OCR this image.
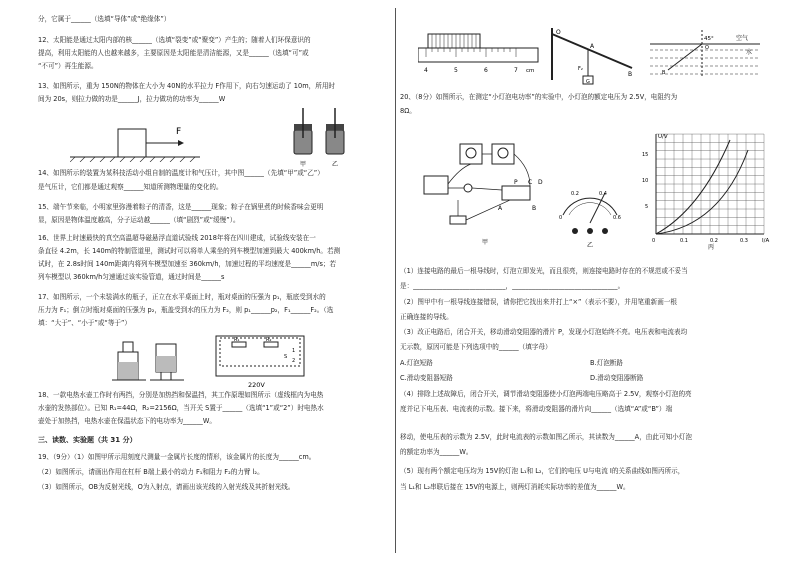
分，它属于______（选填“导体”或“绝缘体”）
12、太阳能是通过太阳内部的核______（选填“裂变”或“聚变”）产生的；随着人们环保意识的
提高，利用太阳能的人也越来越多，主要原因是太阳能是清洁能源，又是______（选填“可”或
“不可”）再生能源。
13、如图所示，重为 150N的物体在大小为 40N的水平拉力 F作用下，向右匀速运动了 10m，所用时
间为 20s，则拉力做的功是______J，拉力做功的功率为______W
14、如图所示的装置为某科技活动小组自制的温度计和气压计，其中图______（先填“甲”或“乙”）
是气压计，它们都是通过观察______知道所测物理量的变化的。
15、端午节来临，小明家里弥漫着粽子的清香，这是______现象；粽子在锅里煮的时候香味会更明
显，原因是物体温度越高，分子运动越______（填“剧烈”或“缓慢”）。
16、世界上时速最快的真空高温超导磁悬浮直道试验线 2018年将在四川建成，试验线安装在一
条直径 4.2m，长 140m的特制管道里，测试时可以将单人乘坐的列车模型加速到最大 400km/h。若测
试时，在 2.8s时间 140m距离内将列车模型加速至 360km/h，加速过程的平均速度是______m/s；若
列车模型以 360km/h匀速通过该实验管道，通过时间是______s
17、如图所示，一个未装满水的瓶子，正立在水平桌面上时，瓶对桌面的压强为 p₁，瓶底受到水的
压力为 F₁；倒立时瓶对桌面的压强为 p₂，瓶盖受到水的压力为 F₂，则 p₁______p₂，F₁______F₂。（选
填：“大于”、“小于”或“等于”）
18、一款电热水壶工作时有两挡，分别是加热挡和保温挡，其工作原理如图所示（虚线框内为电热
水壶的发热部位）。已知 R₁=44Ω，R₂=2156Ω，当开关 S置于______（选填“1”或“2”）时电热水
壶处于加热挡，电热水壶在保温状态下的电功率为______W。
三、读数、实验题（共 31 分）
19、（9分）（1）如图甲所示用刻度尺测量一金属片长度的情形，该金属片的长度为______cm。
（2）如图所示，请画出作用在杠杆 B端上最小的动力 F₁和阻力 F₂的力臂 l₂。
（3）如图所示，OB为反射光线，O为入射点，请画出该光线的入射光线及其折射光线。
20、（8分）如图所示，在测定“小灯泡电功率”的实验中，小灯泡的额定电压为 2.5V，电阻约为
8Ω。
（1）连接电路的最后一根导线时，灯泡立即发光，而且很亮，则连接电路时存在的不规范或不妥当
是：____________________________，________________________________。
（2）图甲中有一根导线连接错误，请你把它找出来并打上“×”（表示不要），并用笔重新画一根
正确连接的导线。
（3）改正电路后，闭合开关，移动滑动变阻器的滑片 P，发现小灯泡始终不亮。电压表和电流表均
无示数，原因可能是下列选项中的______（填字母）
A.灯泡短路	B.灯泡断路
C.滑动变阻器短路	D.滑动变阻器断路
（4）排除上述故障后，闭合开关，调节滑动变阻器使小灯泡两端电压略高于 2.5V，观察小灯泡的亮
度并记下电压表、电流表的示数。接下来，将滑动变阻器的滑片向______（选填“A”或“B”）端
移动，使电压表的示数为 2.5V，此时电流表的示数如图乙所示，其读数为______A，由此可知小灯泡
的额定功率为______W。
（5）现有两个额定电压均为 15V的灯泡 L₁和 L₂，它们的电压 U与电流 I的关系曲线如图丙所示，
当 L₁和 L₂串联后接在 15V的电源上，则两灯消耗实际功率的差值为______W。
F
甲	乙
R₁	R₂
S
1
2
220V
4	5	6	7 cm
O
A
B
F₂
G
45°	空气
水
O
B
P C D
A	B
甲
0.2	0.4
0	0.6
乙
U/V
I/A
15
10
5
0	0.1	0.2	0.3
丙
